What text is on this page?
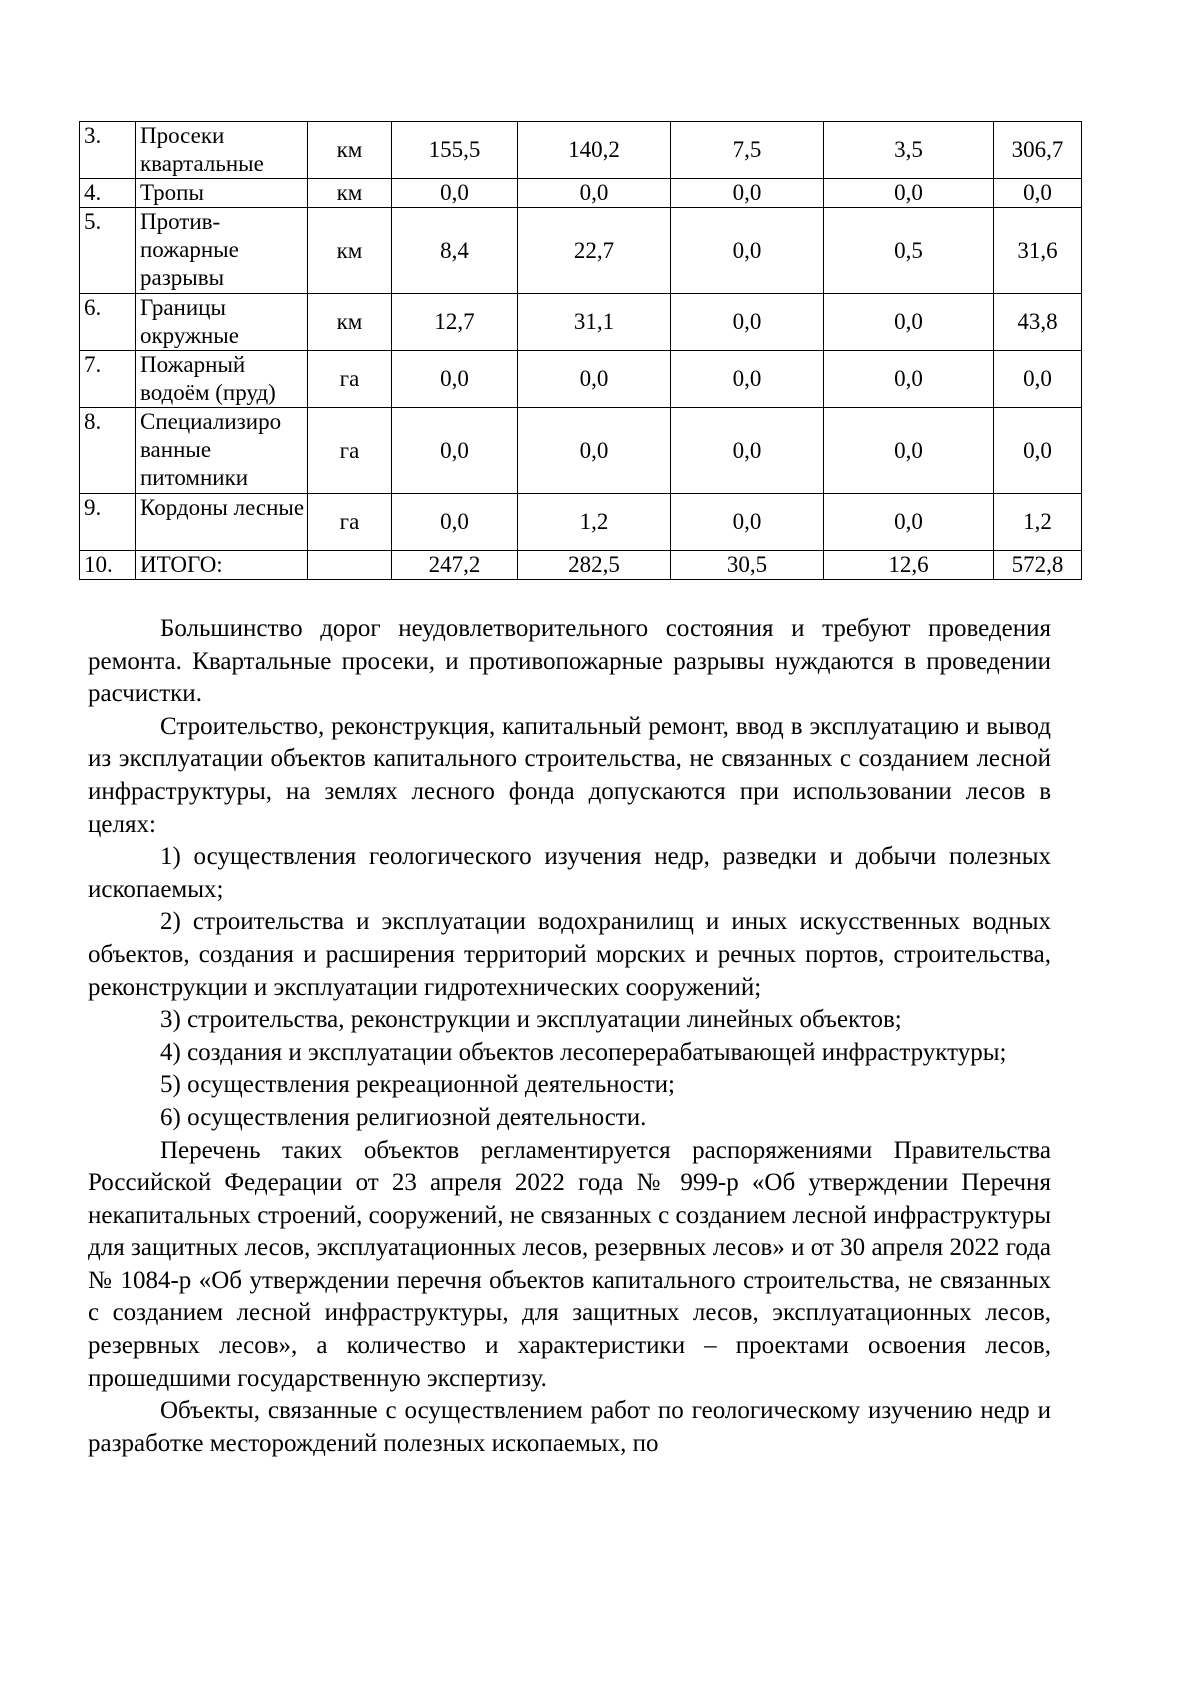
3.	Просеки квартальные	км	155,5	140,2	7,5	3,5	306,7
4.	Тропы	км	0,0	0,0	0,0	0,0	0,0
5.	Против-пожарные разрывы	км	8,4	22,7	0,0	0,5	31,6
6.	Границы окружные	км	12,7	31,1	0,0	0,0	43,8
7.	Пожарный водоём (пруд)	га	0,0	0,0	0,0	0,0	0,0
8.	Специализиро ванные питомники	га	0,0	0,0	0,0	0,0	0,0
9.	Кордоны лесные	га	0,0	1,2	0,0	0,0	1,2
10.	ИТОГО:		247,2	282,5	30,5	12,6	572,8

Большинство дорог неудовлетворительного состояния и требуют проведения ремонта. Квартальные просеки, и противопожарные разрывы нуждаются в проведении расчистки.

Строительство, реконструкция, капитальный ремонт, ввод в эксплуатацию и вывод из эксплуатации объектов капитального строительства, не связанных с созданием лесной инфраструктуры, на землях лесного фонда допускаются при использовании лесов в целях:

1) осуществления геологического изучения недр, разведки и добычи полезных ископаемых;

2) строительства и эксплуатации водохранилищ и иных искусственных водных объектов, создания и расширения территорий морских и речных портов, строительства, реконструкции и эксплуатации гидротехнических сооружений;

3) строительства, реконструкции и эксплуатации линейных объектов;

4) создания и эксплуатации объектов лесоперерабатывающей инфраструктуры;

5) осуществления рекреационной деятельности;

6) осуществления религиозной деятельности.

Перечень таких объектов регламентируется распоряжениями Правительства Российской Федерации от 23 апреля 2022 года № 999-р «Об утверждении Перечня некапитальных строений, сооружений, не связанных с созданием лесной инфраструктуры для защитных лесов, эксплуатационных лесов, резервных лесов» и от 30 апреля 2022 года № 1084-р «Об утверждении перечня объектов капитального строительства, не связанных с созданием лесной инфраструктуры, для защитных лесов, эксплуатационных лесов, резервных лесов», а количество и характеристики – проектами освоения лесов, прошедшими государственную экспертизу.

Объекты, связанные с осуществлением работ по геологическому изучению недр и разработке месторождений полезных ископаемых, по
